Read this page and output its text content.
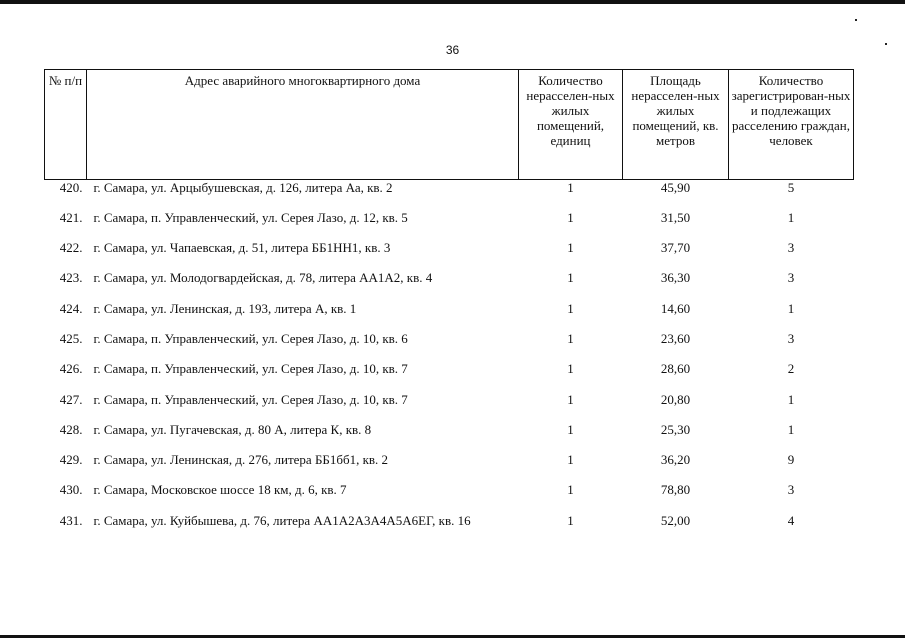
36
№ п/п	Адрес аварийного многоквартирного дома	Количество нерасселен-ных жилых помещений, единиц	Площадь нерасселен-ных жилых помещений, кв. метров	Количество зарегистрирован-ных и подлежащих расселению граждан, человек
420.	г. Самара, ул. Арцыбушевская, д. 126, литера Аа, кв. 2	1	45,90	5
421.	г. Самара, п. Управленческий, ул. Серея Лазо, д. 12, кв. 5	1	31,50	1
422.	г. Самара, ул. Чапаевская, д. 51, литера ББ1НН1, кв. 3	1	37,70	3
423.	г. Самара, ул. Молодогвардейская, д. 78, литера АА1А2, кв. 4	1	36,30	3
424.	г. Самара, ул. Ленинская, д. 193, литера А, кв. 1	1	14,60	1
425.	г. Самара, п. Управленческий, ул. Серея Лазо, д. 10, кв. 6	1	23,60	3
426.	г. Самара, п. Управленческий, ул. Серея Лазо, д. 10, кв. 7	1	28,60	2
427.	г. Самара, п. Управленческий, ул. Серея Лазо, д. 10, кв. 7	1	20,80	1
428.	г. Самара, ул. Пугачевская, д. 80 А, литера К, кв. 8	1	25,30	1
429.	г. Самара, ул. Ленинская, д. 276, литера ББ1бб1, кв. 2	1	36,20	9
430.	г. Самара, Московское шоссе 18 км, д. 6, кв. 7	1	78,80	3
431.	г. Самара, ул. Куйбышева, д. 76, литера АА1А2А3А4А5А6ЕГ, кв. 16	1	52,00	4
